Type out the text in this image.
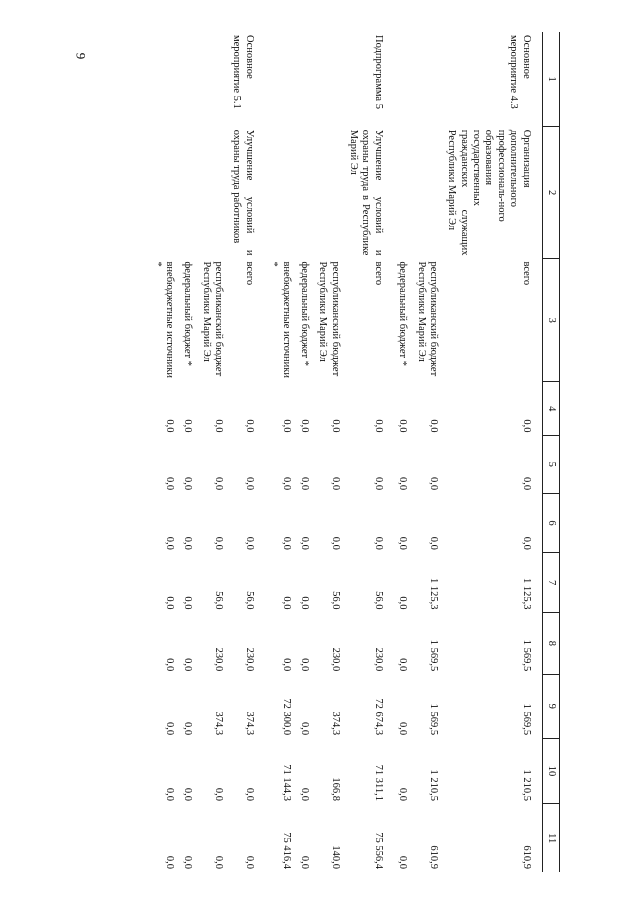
9
1	2	3	4	5	6	7	8	9	10	11
Основное мероприятие 4.3	Организация дополнительного профессиональ-ного образования государственных гражданских служащих Республики Марий Эл	всего	0,0	0,0	0,0	1 125,3	1 569,5	1 569,5	1 210,5	610,9
		республиканский бюджет Республики Марий Эл	0,0	0,0	0,0	1 125,3	1 569,5	1 569,5	1 210,5	610,9
		федеральный бюджет *	0,0	0,0	0,0	0,0	0,0	0,0	0,0	0,0
Подпрограмма 5	Улучшение условий и охраны труда в Республике Марий Эл	всего	0,0	0,0	0,0	56,0	230,0	72 674,3	71 311,1	75 556,4
		республиканский бюджет Республики Марий Эл	0,0	0,0	0,0	56,0	230,0	374,3	166,8	140,0
		федеральный бюджет *	0,0	0,0	0,0	0,0	0,0	0,0	0,0	0,0
		внебюджетные источники *	0,0	0,0	0,0	0,0	0,0	72 300,0	71 144,3	75 416,4
Основное мероприятие 5.1	Улучшение условий и охраны труда работников	всего	0,0	0,0	0,0	56,0	230,0	374,3	0,0	0,0
		республиканский бюджет Республики Марий Эл	0,0	0,0	0,0	56,0	230,0	374,3	0,0	0,0
		федеральный бюджет *	0,0	0,0	0,0	0,0	0,0	0,0	0,0	0,0
		внебюджетные источники *	0,0	0,0	0,0	0,0	0,0	0,0	0,0	0,0
